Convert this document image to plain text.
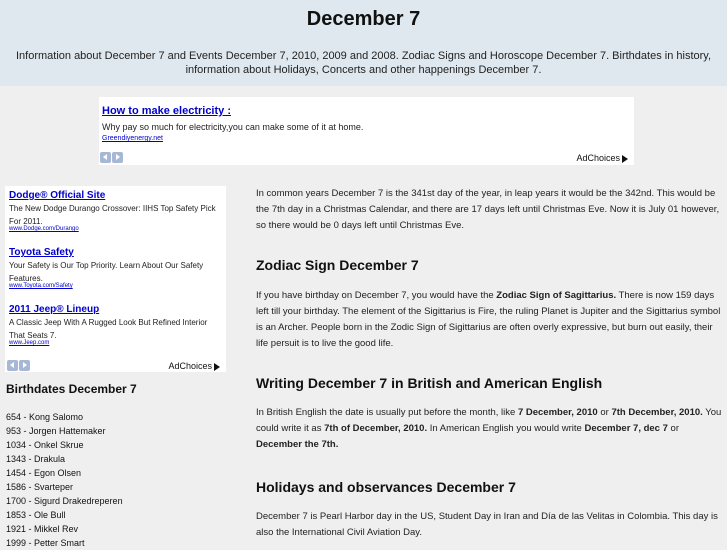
December 7

Information about December 7 and Events December 7, 2010, 2009 and 2008. Zodiac Signs and Horoscope December 7. Birthdates in history, information about Holidays, Concerts and other happenings December 7.

How to make electricity :
Why pay so much for electricity,you can make some of it at home.
Greendiyenergy.net
AdChoices
Dodge® Official Site
The New Dodge Durango Crossover: IIHS Top Safety Pick For 2011.
www.Dodge.com/Durango
Toyota Safety
Your Safety is Our Top Priority. Learn About Our Safety Features.
www.Toyota.com/Safety
2011 Jeep® Lineup
A Classic Jeep With A Rugged Look But Refined Interior That Seats 7.
www.Jeep.com
AdChoices
Birthdates December 7
654 - Kong Salomo
953 - Jorgen Hattemaker
1034 - Onkel Skrue
1343 - Drakula
1454 - Egon Olsen
1586 - Svarteper
1700 - Sigurd Drakedreperen
1853 - Ole Bull
1921 - Mikkel Rev
1999 - Petter Smart

In common years December 7 is the 341st day of the year, in leap years it would be the 342nd. This would be the 7th day in a Christmas Calendar, and there are 17 days left until Christmas Eve. Now it is July 01 however, so there would be 0 days left until Christmas Eve.

Zodiac Sign December 7

If you have birthday on December 7, you would have the Zodiac Sign of Sagittarius. There is now 159 days left till your birthday. The element of the Sigittarius is Fire, the ruling Planet is Jupiter and the Sigittarius symbol is an Archer. People born in the Zodic Sign of Sigittarius are often overly expressive, but burn out easily, their life persuit is to live the good life.

Writing December 7 in British and American English

In British English the date is usually put before the month, like 7 December, 2010 or 7th December, 2010. You could write it as 7th of December, 2010. In American English you would write December 7, dec 7 or December the 7th.

Holidays and observances December 7

December 7 is Pearl Harbor day in the US, Student Day in Iran and Día de las Velitas in Colombia. This day is also the International Civil Aviation Day.
